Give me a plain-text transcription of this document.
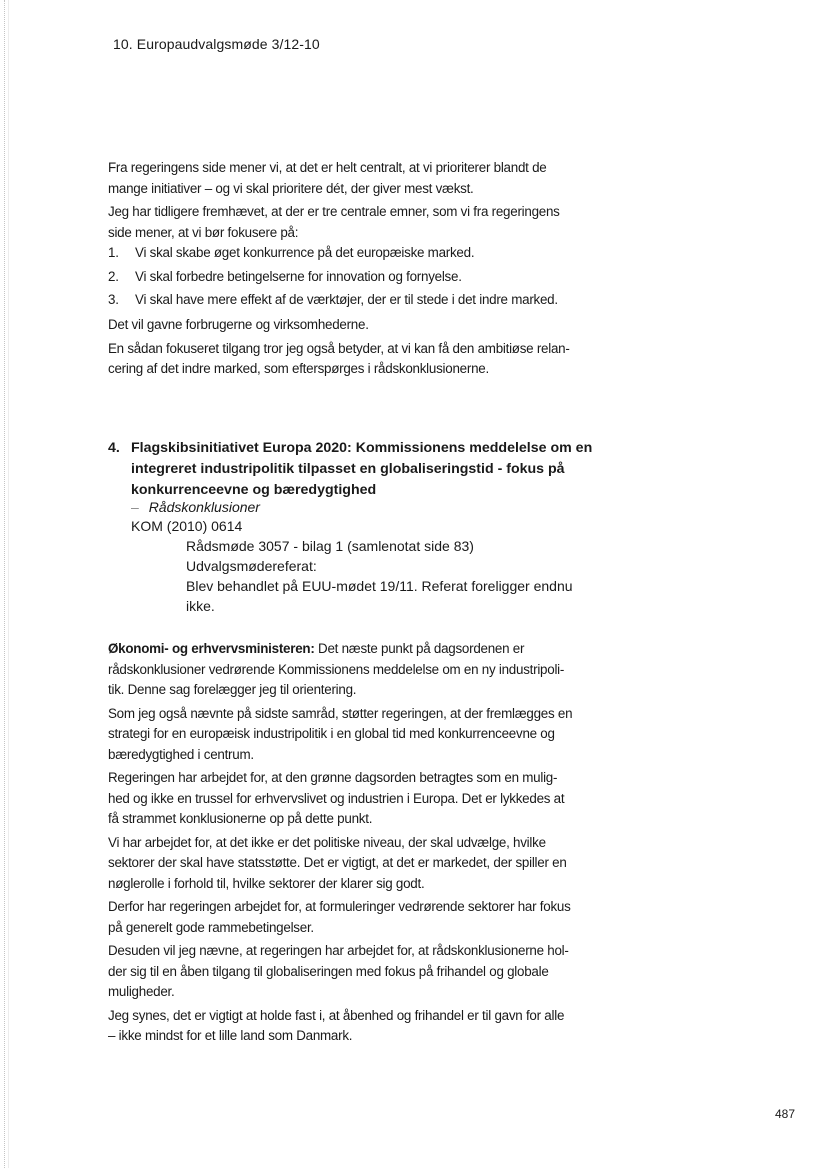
10. Europaudvalgsmøde 3/12-10
Fra regeringens side mener vi, at det er helt centralt, at vi prioriterer blandt de
mange initiativer – og vi skal prioritere dét, der giver mest vækst.
Jeg har tidligere fremhævet, at der er tre centrale emner, som vi fra regeringens
side mener, at vi bør fokusere på:
1. Vi skal skabe øget konkurrence på det europæiske marked.
2. Vi skal forbedre betingelserne for innovation og fornyelse.
3. Vi skal have mere effekt af de værktøjer, der er til stede i det indre marked.
Det vil gavne forbrugerne og virksomhederne.
En sådan fokuseret tilgang tror jeg også betyder, at vi kan få den ambitiøse relan-
cering af det indre marked, som efterspørges i rådskonklusionerne.
4. Flagskibsinitiativet Europa 2020: Kommissionens meddelelse om en
integreret industripolitik tilpasset en globaliseringstid - fokus på
konkurrenceevne og bæredygtighed
– Rådskonklusioner
KOM (2010) 0614
Rådsmøde 3057 - bilag 1 (samlenotat side 83)
Udvalgsmødereferat:
Blev behandlet på EUU-mødet 19/11. Referat foreligger endnu
ikke.
Økonomi- og erhvervsministeren: Det næste punkt på dagsordenen er
rådskonklusioner vedrørende Kommissionens meddelelse om en ny industripoli-
tik. Denne sag forelægger jeg til orientering.
Som jeg også nævnte på sidste samråd, støtter regeringen, at der fremlægges en
strategi for en europæisk industripolitik i en global tid med konkurrenceevne og
bæredygtighed i centrum.
Regeringen har arbejdet for, at den grønne dagsorden betragtes som en mulig-
hed og ikke en trussel for erhvervslivet og industrien i Europa. Det er lykkedes at
få strammet konklusionerne op på dette punkt.
Vi har arbejdet for, at det ikke er det politiske niveau, der skal udvælge, hvilke
sektorer der skal have statsstøtte. Det er vigtigt, at det er markedet, der spiller en
nøglerolle i forhold til, hvilke sektorer der klarer sig godt.
Derfor har regeringen arbejdet for, at formuleringer vedrørende sektorer har fokus
på generelt gode rammebetingelser.
Desuden vil jeg nævne, at regeringen har arbejdet for, at rådskonklusionerne hol-
der sig til en åben tilgang til globaliseringen med fokus på frihandel og globale
muligheder.
Jeg synes, det er vigtigt at holde fast i, at åbenhed og frihandel er til gavn for alle
– ikke mindst for et lille land som Danmark.
487
